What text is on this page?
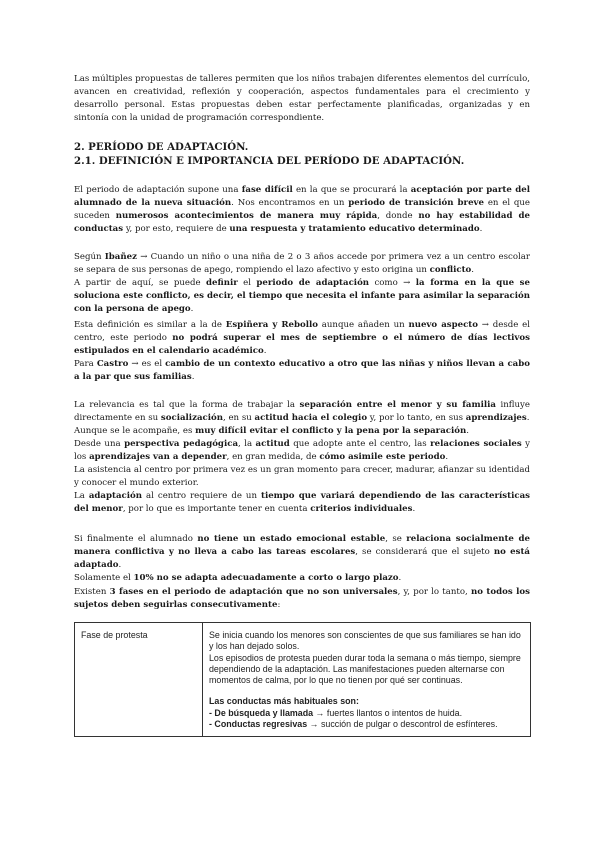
Las múltiples propuestas de talleres permiten que los niños trabajen diferentes elementos del currículo, avancen en creatividad, reflexión y cooperación, aspectos fundamentales para el crecimiento y desarrollo personal. Estas propuestas deben estar perfectamente planificadas, organizadas y en sintonía con la unidad de programación correspondiente.

2. PERÍODO DE ADAPTACIÓN.
2.1. DEFINICIÓN E IMPORTANCIA DEL PERÍODO DE ADAPTACIÓN.

El periodo de adaptación supone una fase difícil en la que se procurará la aceptación por parte del alumnado de la nueva situación. Nos encontramos en un periodo de transición breve en el que suceden numerosos acontecimientos de manera muy rápida, donde no hay estabilidad de conductas y, por esto, requiere de una respuesta y tratamiento educativo determinado.

Según Ibañez → Cuando un niño o una niña de 2 o 3 años accede por primera vez a un centro escolar se separa de sus personas de apego, rompiendo el lazo afectivo y esto origina un conflicto.

A partir de aquí, se puede definir el periodo de adaptación como → la forma en la que se soluciona este conflicto, es decir, el tiempo que necesita el infante para asimilar la separación con la persona de apego.

Esta definición es similar a la de Espiñera y Rebollo aunque añaden un nuevo aspecto → desde el centro, este periodo no podrá superar el mes de septiembre o el número de días lectivos estipulados en el calendario académico.

Para Castro → es el cambio de un contexto educativo a otro que las niñas y niños llevan a cabo a la par que sus familias.

La relevancia es tal que la forma de trabajar la separación entre el menor y su familia influye directamente en su socialización, en su actitud hacia el colegio y, por lo tanto, en sus aprendizajes.

Aunque se le acompañe, es muy difícil evitar el conflicto y la pena por la separación.

Desde una perspectiva pedagógica, la actitud que adopte ante el centro, las relaciones sociales y los aprendizajes van a depender, en gran medida, de cómo asimile este periodo.

La asistencia al centro por primera vez es un gran momento para crecer, madurar, afianzar su identidad y conocer el mundo exterior.

La adaptación al centro requiere de un tiempo que variará dependiendo de las características del menor, por lo que es importante tener en cuenta criterios individuales.

Si finalmente el alumnado no tiene un estado emocional estable, se relaciona socialmente de manera conflictiva y no lleva a cabo las tareas escolares, se considerará que el sujeto no está adaptado.

Solamente el 10% no se adapta adecuadamente a corto o largo plazo.

Existen 3 fases en el periodo de adaptación que no son universales, y, por lo tanto, no todos los sujetos deben seguirlas consecutivamente:

Fase de protesta	Se inicia cuando los menores son conscientes de que sus familiares se han ido y los han dejado solos.
Los episodios de protesta pueden durar toda la semana o más tiempo, siempre dependiendo de la adaptación. Las manifestaciones pueden alternarse con momentos de calma, por lo que no tienen por qué ser continuas.
Las conductas más habituales son:
- De búsqueda y llamada → fuertes llantos o intentos de huida.
- Conductas regresivas → succión de pulgar o descontrol de esfínteres.
